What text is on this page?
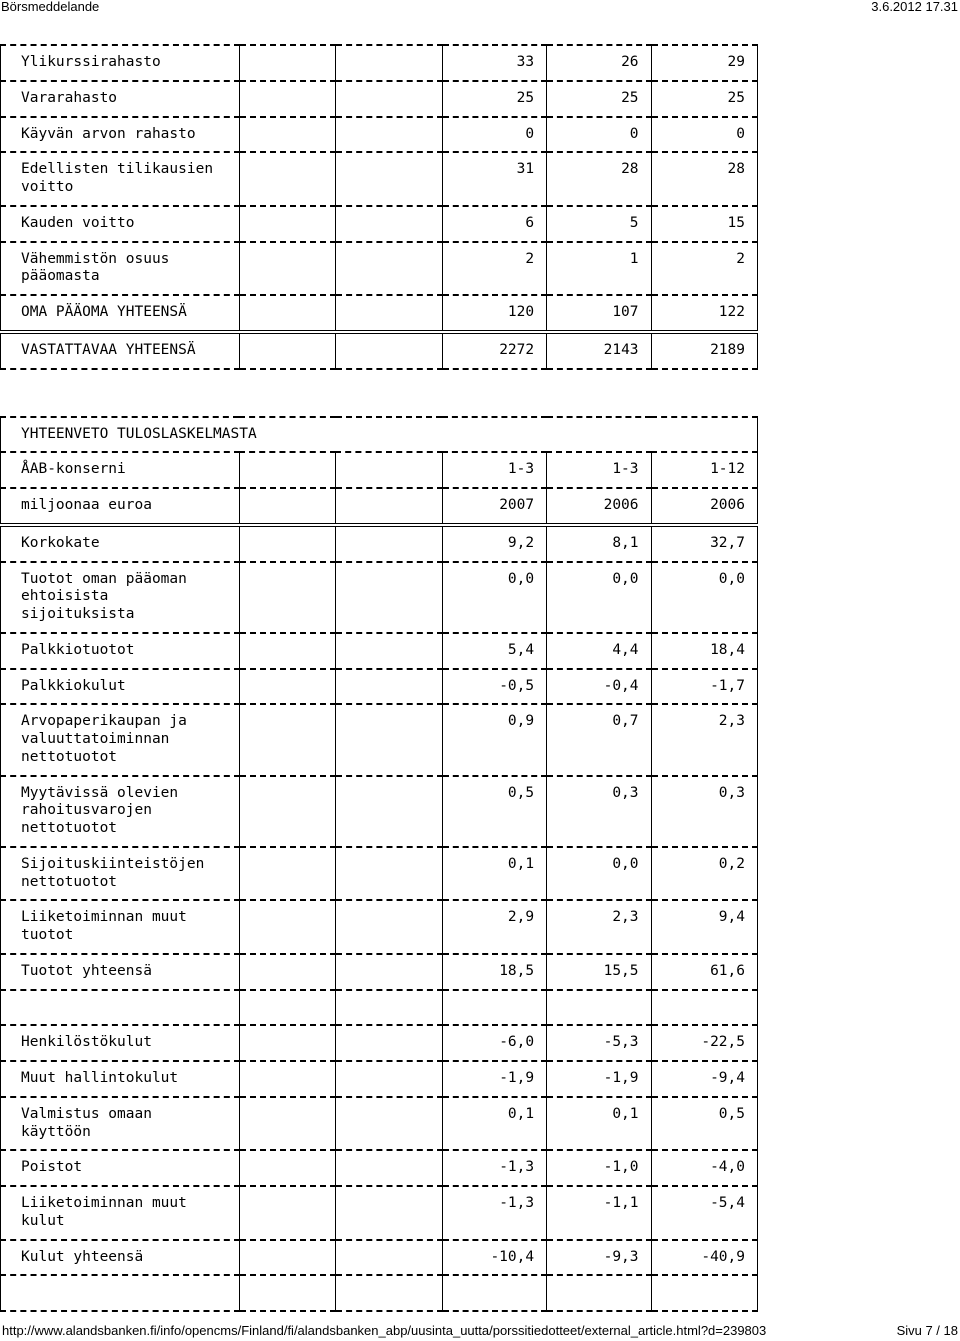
Börsmeddelande	3.6.2012 17.31
Ylikurssirahasto			33	26	29
Vararahasto			25	25	25
Käyvän arvon rahasto			0	0	0
Edellisten tilikausien
voitto			31	28	28
Kauden voitto			6	5	15
Vähemmistön osuus
pääomasta			2	1	2
OMA PÄÄOMA YHTEENSÄ			120	107	122
VASTATTAVAA YHTEENSÄ			2272	2143	2189
YHTEENVETO TULOSLASKELMASTA					
ÅAB-konserni			1-3	1-3	1-12
miljoonaa euroa			2007	2006	2006
Korkokate			9,2	8,1	32,7
Tuotot oman pääoman ehtoisista
sijoituksista			0,0	0,0	0,0
Palkkiotuotot			5,4	4,4	18,4
Palkkiokulut			-0,5	-0,4	-1,7
Arvopaperikaupan ja
valuuttatoiminnan nettotuotot			0,9	0,7	2,3
Myytävissä olevien
rahoitusvarojen nettotuotot			0,5	0,3	0,3
Sijoituskiinteistöjen
nettotuotot			0,1	0,0	0,2
Liiketoiminnan muut
tuotot			2,9	2,3	9,4
Tuotot yhteensä			18,5	15,5	61,6

Henkilöstökulut			-6,0	-5,3	-22,5
Muut hallintokulut			-1,9	-1,9	-9,4
Valmistus omaan
käyttöön			0,1	0,1	0,5
Poistot			-1,3	-1,0	-4,0
Liiketoiminnan muut
kulut			-1,3	-1,1	-5,4
Kulut yhteensä			-10,4	-9,3	-40,9

http://www.alandsbanken.fi/info/opencms/Finland/fi/alandsbanken_abp/uusinta_uutta/porssitiedotteet/external_article.html?d=239803	Sivu 7 / 18
